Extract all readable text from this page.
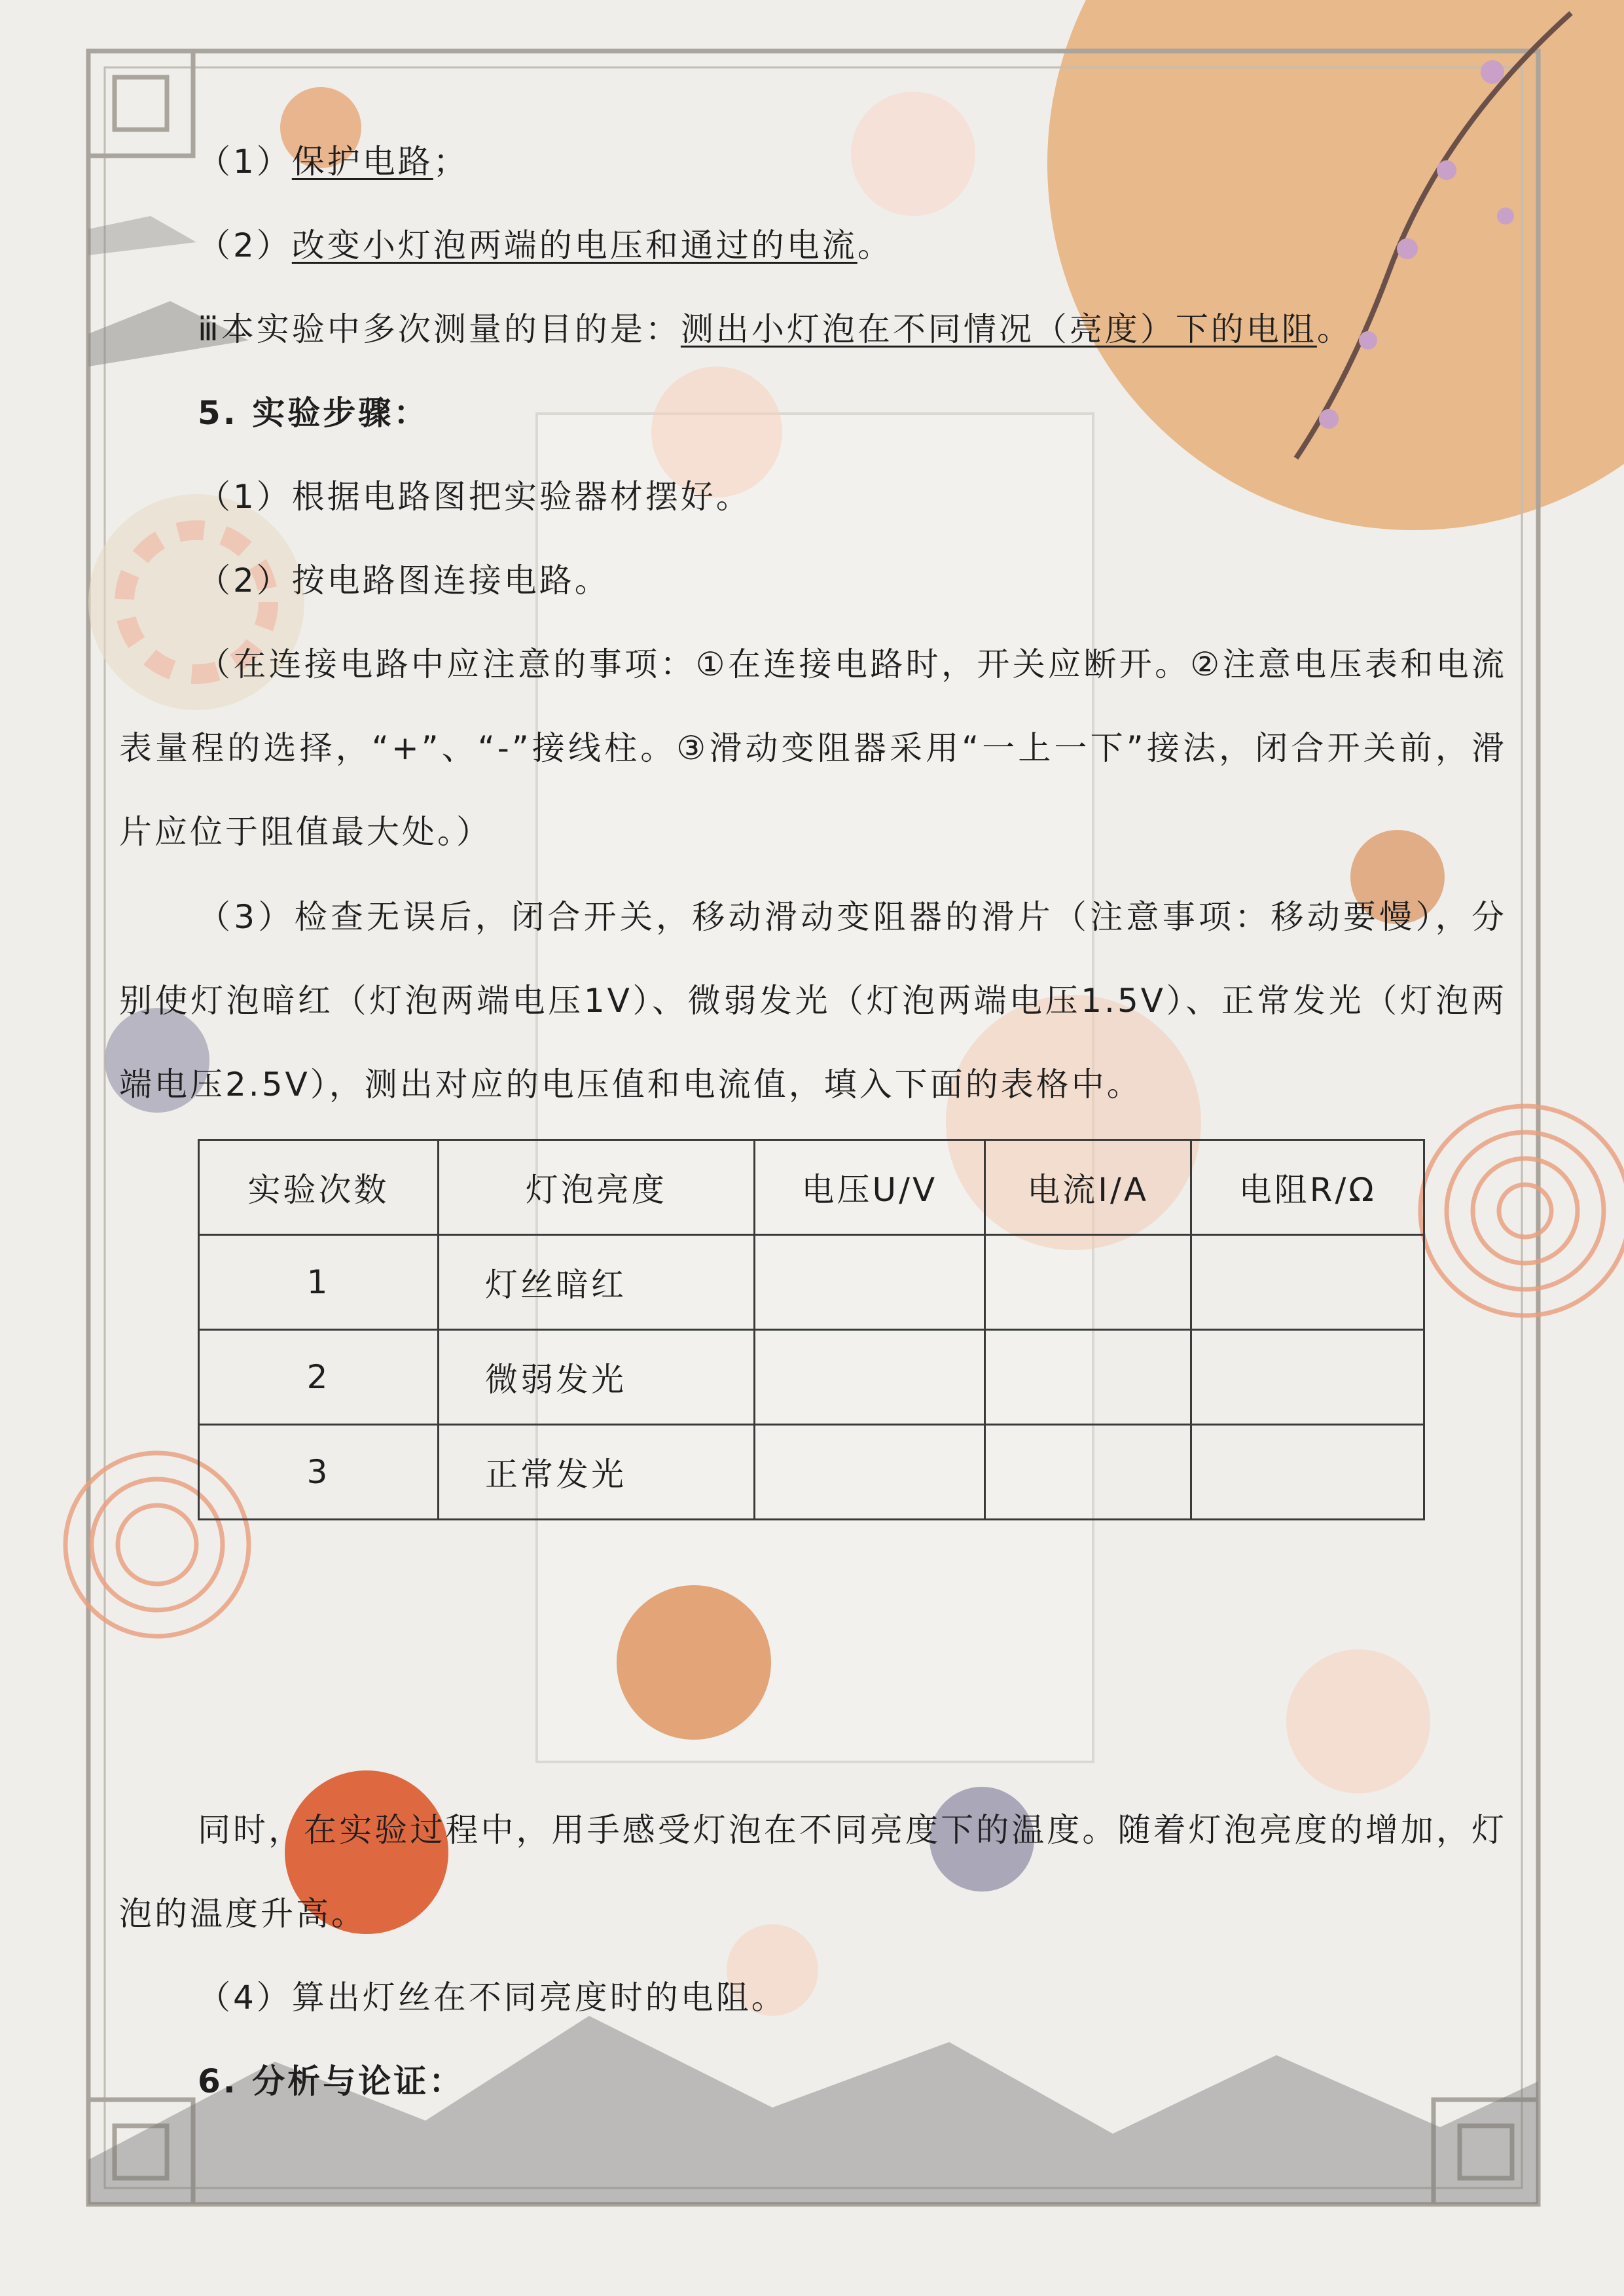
（1）保护电路；

（2）改变小灯泡两端的电压和通过的电流。

ⅲ本实验中多次测量的目的是：测出小灯泡在不同情况（亮度）下的电阻。

5. 实验步骤：

（1）根据电路图把实验器材摆好。

（2）按电路图连接电路。

（在连接电路中应注意的事项：①在连接电路时，开关应断开。②注意电压表和电流表量程的选择，“+”、“-”接线柱。③滑动变阻器采用“一上一下”接法，闭合开关前，滑片应位于阻值最大处。）

（3）检查无误后，闭合开关，移动滑动变阻器的滑片（注意事项：移动要慢），分别使灯泡暗红（灯泡两端电压1V）、微弱发光（灯泡两端电压1.5V）、正常发光（灯泡两端电压2.5V），测出对应的电压值和电流值，填入下面的表格中。

实验次数	灯泡亮度	电压U/V	电流I/A	电阻R/Ω
1	灯丝暗红			
2	微弱发光			
3	正常发光			

同时，在实验过程中，用手感受灯泡在不同亮度下的温度。随着灯泡亮度的增加，灯泡的温度升高。

（4）算出灯丝在不同亮度时的电阻。

6. 分析与论证：
